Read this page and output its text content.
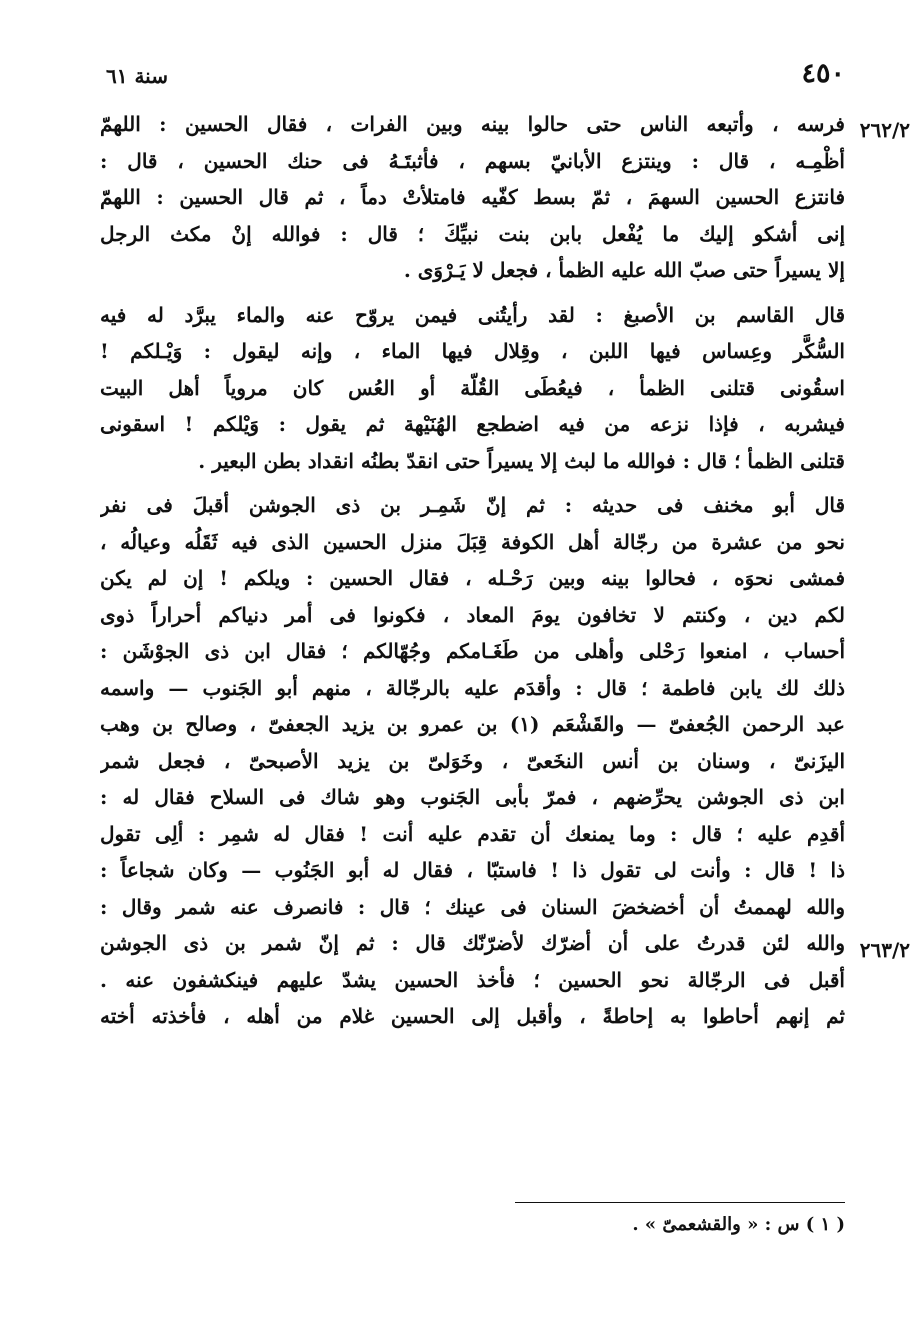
٤٥٠
سنة ٦١
٢٦٢/٢
٢٦٣/٢
فرسه ، وأتبعه الناس حتى حالوا بينه وبين الفرات ، فقال الحسين : اللهمّ
أظْمِـه ، قال : وينتزع الأبانيّ بسهم ، فأثبتَـهُ فى حنك الحسين ، قال :
فانتزع الحسين السهمَ ، ثمّ بسط كفّيه فامتلأتْ دماً ، ثم قال الحسين : اللهمّ
إنى أشكو إليك ما يُفْعل بابن بنت نبيِّكَ ؛ قال : فوالله إنْ مكث الرجل
إلا يسيراً حتى صبّ الله عليه الظمأ ، فجعل لا يَـرْوَى .
قال القاسم بن الأصبغ : لقد رأيتُنى فيمن يروّح عنه والماء يبرَّد له فيه
السُّكَّر وعِساس فيها اللبن ، وقِلال فيها الماء ، وإنه ليقول : وَيْـلكم !
اسقُونى قتلنى الظمأ ، فيعُطَى القُلّة أو العُس كان مروياً أهل البيت
فيشربه ، فإذا نزعه من فيه اضطجع الهُنَيْهة ثم يقول : وَيْلكم ! اسقونى
قتلنى الظمأ ؛ قال : فوالله ما لبث إلا يسيراً حتى انقدّ بطنُه انقداد بطن البعير .
قال أبو مخنف فى حديثه : ثم إنّ شَمِـر بن ذى الجوشن أقبلَ فى نفر
نحو من عشرة من رجّالة أهل الكوفة قِبَلَ منزل الحسين الذى فيه ثَقَلُه وعيالُه ،
فمشى نحوَه ، فحالوا بينه وبين رَحْـله ، فقال الحسين : ويلكم ! إن لم يكن
لكم دين ، وكنتم لا تخافون يومَ المعاد ، فكونوا فى أمر دنياكم أحراراً ذوى
أحساب ، امنعوا رَحْلى وأهلى من طَغَـامكم وجُهّالكم ؛ فقال ابن ذى الجوْشَن :
ذلك لك يابن فاطمة ؛ قال : وأقدَم عليه بالرجّالة ، منهم أبو الجَنوب — واسمه
عبد الرحمن الجُعفىّ — والقَشْعَم (١) بن عمرو بن يزيد الجعفىّ ، وصالح بن وهب
اليزَنىّ ، وسنان بن أنس النخَعىّ ، وخَوَلىّ بن يزيد الأصبحىّ ، فجعل شمر
ابن ذى الجوشن يحرِّضهم ، فمرّ بأبى الجَنوب وهو شاك فى السلاح فقال له :
أقدِم عليه ؛ قال : وما يمنعك أن تقدم عليه أنت ! فقال له شمِر : ألِى تقول
ذا ! قال : وأنت لى تقول ذا ! فاستبّا ، فقال له أبو الجَنُوب — وكان شجاعاً :
والله لهممتُ أن أخضخضَ السنان فى عينك ؛ قال : فانصرف عنه شمر وقال :
والله لئن قدرتُ على أن أضرّك لأضرّنّك قال : ثم إنّ شمر بن ذى الجوشن
أقبل فى الرجّالة نحو الحسين ؛ فأخذ الحسين يشدّ عليهم فينكشفون عنه .
ثم إنهم أحاطوا به إحاطةً ، وأقبل إلى الحسين غلام من أهله ، فأخذته أخته
( ١ ) س : « والقشعمىّ » .
